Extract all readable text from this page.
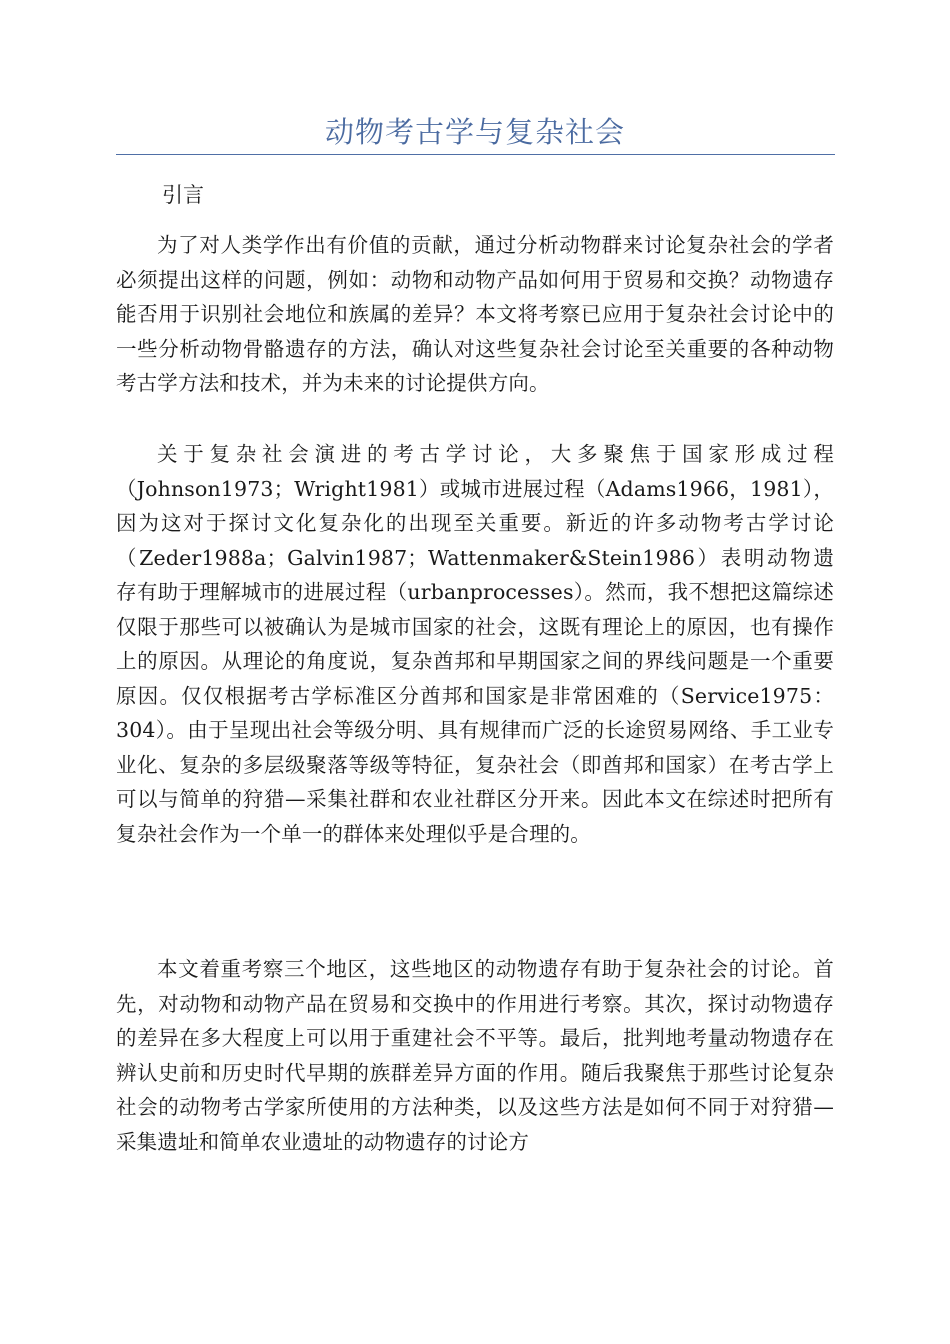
动物考古学与复杂社会

引言

为了对人类学作出有价值的贡献，通过分析动物群来讨论复杂社会的学者必须提出这样的问题，例如：动物和动物产品如何用于贸易和交换？动物遗存能否用于识别社会地位和族属的差异？本文将考察已应用于复杂社会讨论中的一些分析动物骨骼遗存的方法，确认对这些复杂社会讨论至关重要的各种动物考古学方法和技术，并为未来的讨论提供方向。

关于复杂社会演进的考古学讨论，大多聚焦于国家形成过程（Johnson1973；Wright1981）或城市进展过程（Adams1966，1981），因为这对于探讨文化复杂化的出现至关重要。新近的许多动物考古学讨论（Zeder1988a；Galvin1987；Wattenmaker&Stein1986）表明动物遗存有助于理解城市的进展过程（urbanprocesses）。然而，我不想把这篇综述仅限于那些可以被确认为是城市国家的社会，这既有理论上的原因，也有操作上的原因。从理论的角度说，复杂酋邦和早期国家之间的界线问题是一个重要原因。仅仅根据考古学标准区分酋邦和国家是非常困难的（Service1975：304）。由于呈现出社会等级分明、具有规律而广泛的长途贸易网络、手工业专业化、复杂的多层级聚落等级等特征，复杂社会（即酋邦和国家）在考古学上可以与简单的狩猎—采集社群和农业社群区分开来。因此本文在综述时把所有复杂社会作为一个单一的群体来处理似乎是合理的。

本文着重考察三个地区，这些地区的动物遗存有助于复杂社会的讨论。首先，对动物和动物产品在贸易和交换中的作用进行考察。其次，探讨动物遗存的差异在多大程度上可以用于重建社会不平等。最后，批判地考量动物遗存在辨认史前和历史时代早期的族群差异方面的作用。随后我聚焦于那些讨论复杂社会的动物考古学家所使用的方法种类，以及这些方法是如何不同于对狩猎—采集遗址和简单农业遗址的动物遗存的讨论方
